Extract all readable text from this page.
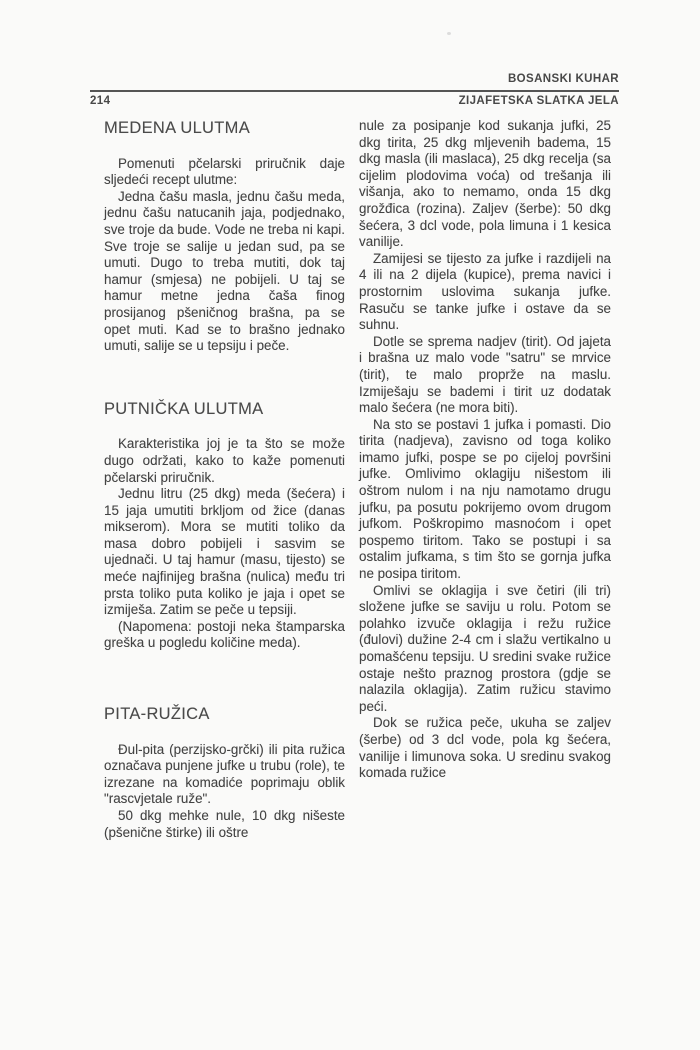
BOSANSKI KUHAR
214	ZIJAFETSKA SLATKA JELA
MEDENA ULUTMA

Pomenuti pčelarski priručnik daje sljedeći recept ulutme:

Jedna čašu masla, jednu čašu meda, jednu čašu natucanih jaja, podjednako, sve troje da bude. Vode ne treba ni kapi. Sve troje se salije u jedan sud, pa se umuti. Dugo to treba mutiti, dok taj hamur (smjesa) ne pobijeli. U taj se hamur metne jedna čaša finog prosijanog pšeničnog brašna, pa se opet muti. Kad se to brašno jednako umuti, salije se u tepsiju i peče.

PUTNIČKA ULUTMA

Karakteristika joj je ta što se može dugo održati, kako to kaže pomenuti pčelarski priručnik.

Jednu litru (25 dkg) meda (šećera) i 15 jaja umutiti brkljom od žice (danas mikserom). Mora se mutiti toliko da masa dobro pobijeli i sasvim se ujednači. U taj hamur (masu, tijesto) se meće najfinijeg brašna (nulica) među tri prsta toliko puta koliko je jaja i opet se izmiješa. Zatim se peče u tepsiji.

(Napomena: postoji neka štamparska greška u pogledu količine meda).

PITA-RUŽICA

Đul-pita (perzijsko-grčki) ili pita ružica označava punjene jufke u trubu (role), te izrezane na komadiće poprimaju oblik "rascvjetale ruže".

50 dkg mehke nule, 10 dkg nišeste (pšenične štirke) ili oštre

nule za posipanje kod sukanja jufki, 25 dkg tirita, 25 dkg mljevenih badema, 15 dkg masla (ili maslaca), 25 dkg recelja (sa cijelim plodovima voća) od trešanja ili višanja, ako to nemamo, onda 15 dkg grožđica (rozina). Zaljev (šerbe): 50 dkg šećera, 3 dcl vode, pola limuna i 1 kesica vanilije.

Zamijesi se tijesto za jufke i razdijeli na 4 ili na 2 dijela (kupice), prema navici i prostornim uslovima sukanja jufke. Rasuču se tanke jufke i ostave da se suhnu.

Dotle se sprema nadjev (tirit). Od jajeta i brašna uz malo vode "satru" se mrvice (tirit), te malo proprže na maslu. Izmiješaju se bademi i tirit uz dodatak malo šećera (ne mora biti).

Na sto se postavi 1 jufka i pomasti. Dio tirita (nadjeva), zavisno od toga koliko imamo jufki, pospe se po cijeloj površini jufke. Omlivimo oklagiju nišestom ili oštrom nulom i na nju namotamo drugu jufku, pa posutu pokrijemo ovom drugom jufkom. Poškropimo masnoćom i opet pospemo tiritom. Tako se postupi i sa ostalim jufkama, s tim što se gornja jufka ne posipa tiritom.

Omlivi se oklagija i sve četiri (ili tri) složene jufke se saviju u rolu. Potom se polahko izvuče oklagija i režu ružice (đulovi) dužine 2-4 cm i slažu vertikalno u pomašćenu tepsiju. U sredini svake ružice ostaje nešto praznog prostora (gdje se nalazila oklagija). Zatim ružicu stavimo peći.

Dok se ružica peče, ukuha se zaljev (šerbe) od 3 dcl vode, pola kg šećera, vanilije i limunova soka. U sredinu svakog komada ružice
